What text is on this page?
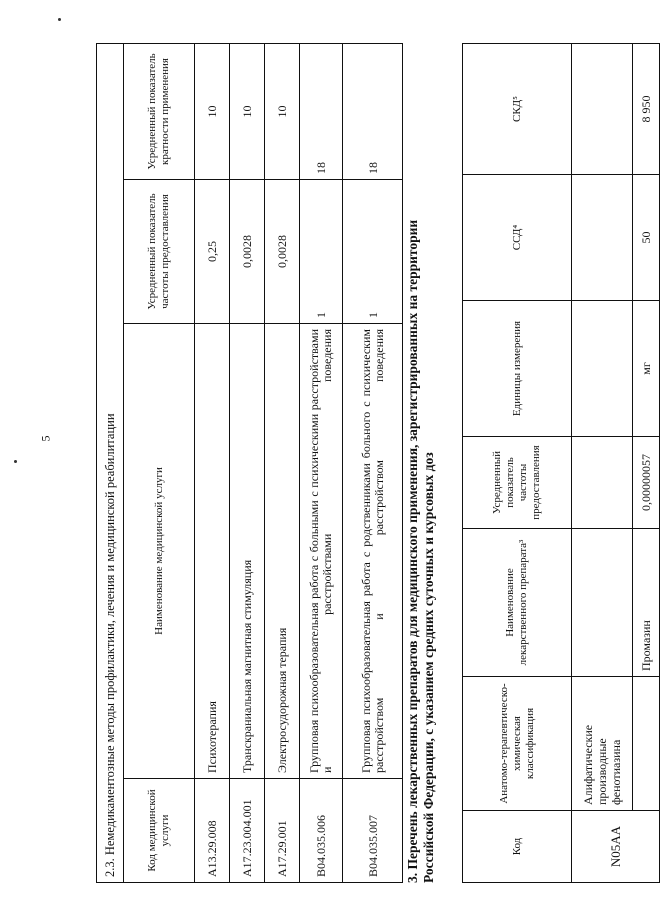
5	2.3. Немедикаментозные методы профилактики, лечения и медицинской реабилитации			
Код медицинской услуги	Наименование медицинской услуги	Усредненный показатель частоты предоставления	Усредненный показатель кратности применения
A13.29.008	Психотерапия	0,25	10
A17.23.004.001	Транскраниальная магнитная стимуляция	0,0028	10
A17.29.001	Электросудорожная терапия	0,0028	10
B04.035.006	Групповая психообразовательная работа с больными с психическими расстройствами и расстройствами поведения	1	18
B04.035.007	Групповая психообразовательная работа с родственниками больного с психическим расстройством и расстройством поведения	1	18
3. Перечень лекарственных препаратов для медицинского применения, зарегистрированных на территории Российской Федерации, с указанием средних суточных и курсовых доз	Код	Анатомо-терапевтическо-химическая классификация	Наименование лекарственного препарата³	Усредненный показатель частоты предоставления	Единицы измерения	ССД⁴	СКД⁵
N05AA	Алифатические производные фенотиазина					
		Промазин	0,00000057	мг	50	8 950
